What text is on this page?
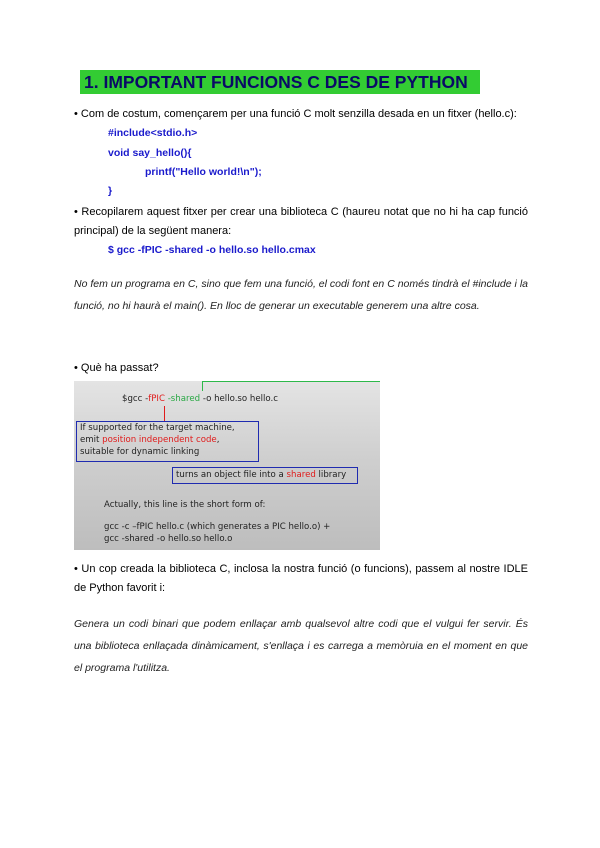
1. IMPORTANT FUNCIONS C DES DE PYTHON

• Com de costum, començarem per una funció C molt senzilla desada en un fitxer (hello.c):

#include<stdio.h>

void say_hello(){

printf("Hello world!\n");

}

• Recopilarem aquest fitxer per crear una biblioteca C (haureu notat que no hi ha cap funció principal) de la següent manera:

$ gcc -fPIC -shared -o hello.so hello.cmax

No fem un programa en C, sino que fem una funció, el codi font en C només tindrà el #include i la funció, no hi haurà el main(). En lloc de generar un executable generem una altre cosa.

• Què ha passat?

$gcc -fPIC -shared -o hello.so hello.c
If supported for the target machine,
emit position independent code,
suitable for dynamic linking
turns an object file into a shared library
Actually, this line is the short form of:
gcc -c –fPIC hello.c (which generates a PIC hello.o) +
gcc -shared -o hello.so hello.o

• Un cop creada la biblioteca C, inclosa la nostra funció (o funcions), passem al nostre IDLE de Python favorit i:

Genera un codi binari que podem enllaçar amb qualsevol altre codi que el vulgui fer servir. És una biblioteca enllaçada dinàmicament, s'enllaça i es carrega a memòruia en el moment en que el programa l'utilitza.
